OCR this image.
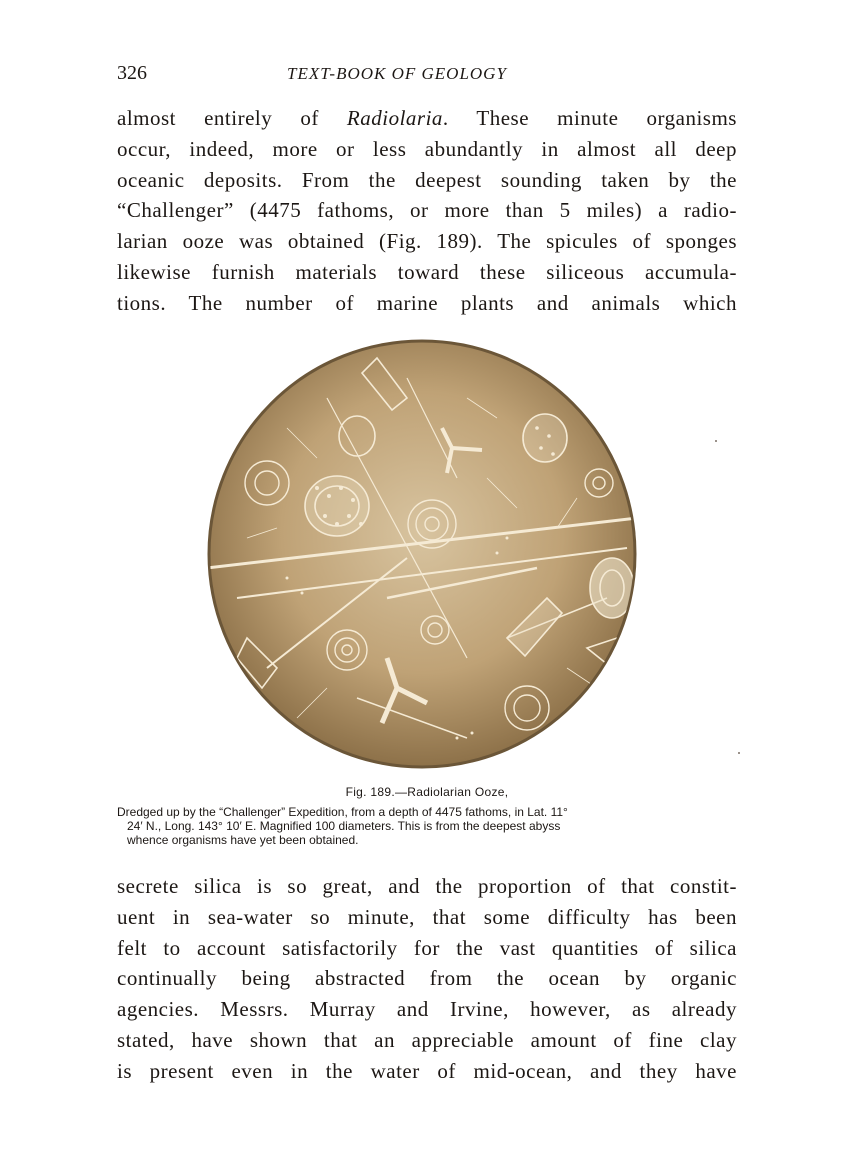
326	TEXT-BOOK OF GEOLOGY
almost entirely of Radiolaria. These minute organisms
occur, indeed, more or less abundantly in almost all deep
oceanic deposits. From the deepest sounding taken by the
“Challenger” (4475 fathoms, or more than 5 miles) a radio-
larian ooze was obtained (Fig. 189). The spicules of sponges
likewise furnish materials toward these siliceous accumula-
tions. The number of marine plants and animals which
Fig. 189.—Radiolarian Ooze,
Dredged up by the “Challenger” Expedition, from a depth of 4475 fathoms, in Lat. 11°
24′ N., Long. 143° 10′ E. Magnified 100 diameters. This is from the deepest abyss
whence organisms have yet been obtained.
secrete silica is so great, and the proportion of that constit-
uent in sea-water so minute, that some difficulty has been
felt to account satisfactorily for the vast quantities of silica
continually being abstracted from the ocean by organic
agencies. Messrs. Murray and Irvine, however, as already
stated, have shown that an appreciable amount of fine clay
is present even in the water of mid-ocean, and they have
